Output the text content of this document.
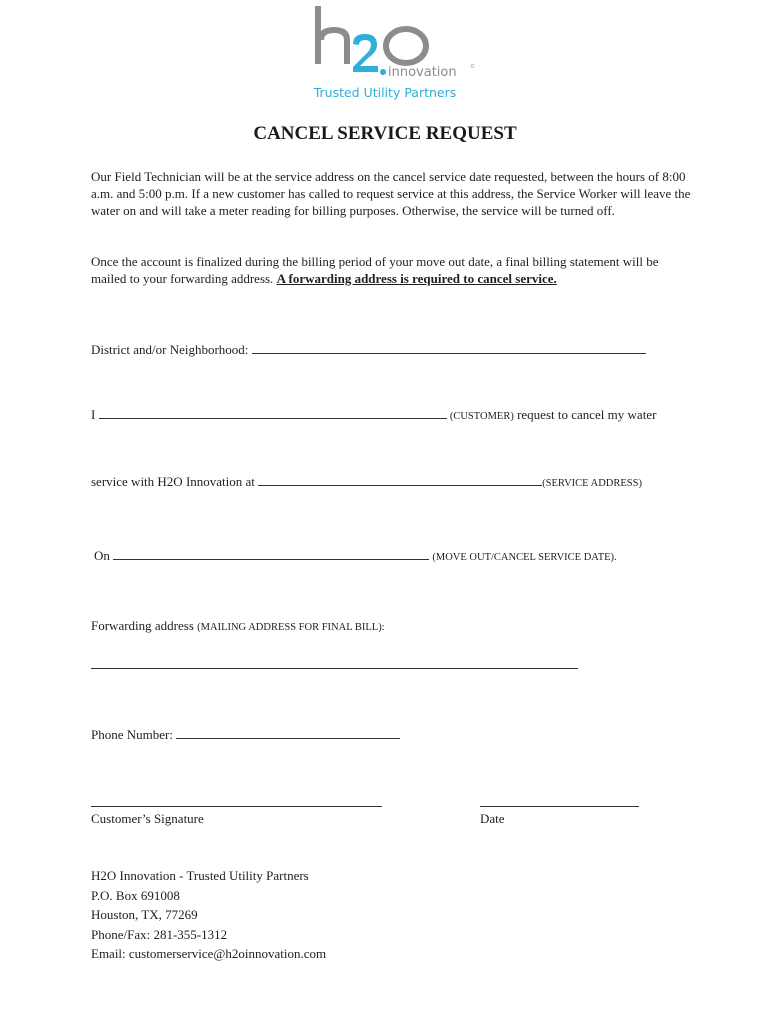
innovation	©
Trusted Utility Partners
CANCEL SERVICE REQUEST
Our Field Technician will be at the service address on the cancel service date requested, between the hours of 8:00 a.m. and 5:00 p.m. If a new customer has called to request service at this address, the Service Worker will leave the water on and will take a meter reading for billing purposes. Otherwise, the service will be turned off.
Once the account is finalized during the billing period of your move out date, a final billing statement will be mailed to your forwarding address. A forwarding address is required to cancel service.
District and/or Neighborhood:
I	(CUSTOMER) request to cancel my water
service with H2O Innovation at	(SERVICE ADDRESS)
On	(MOVE OUT/CANCEL SERVICE DATE).
Forwarding address (MAILING ADDRESS FOR FINAL BILL):
Phone Number:
Customer’s Signature	Date
H2O Innovation - Trusted Utility Partners
P.O. Box 691008
Houston, TX, 77269
Phone/Fax: 281-355-1312
Email: customerservice@h2oinnovation.com
